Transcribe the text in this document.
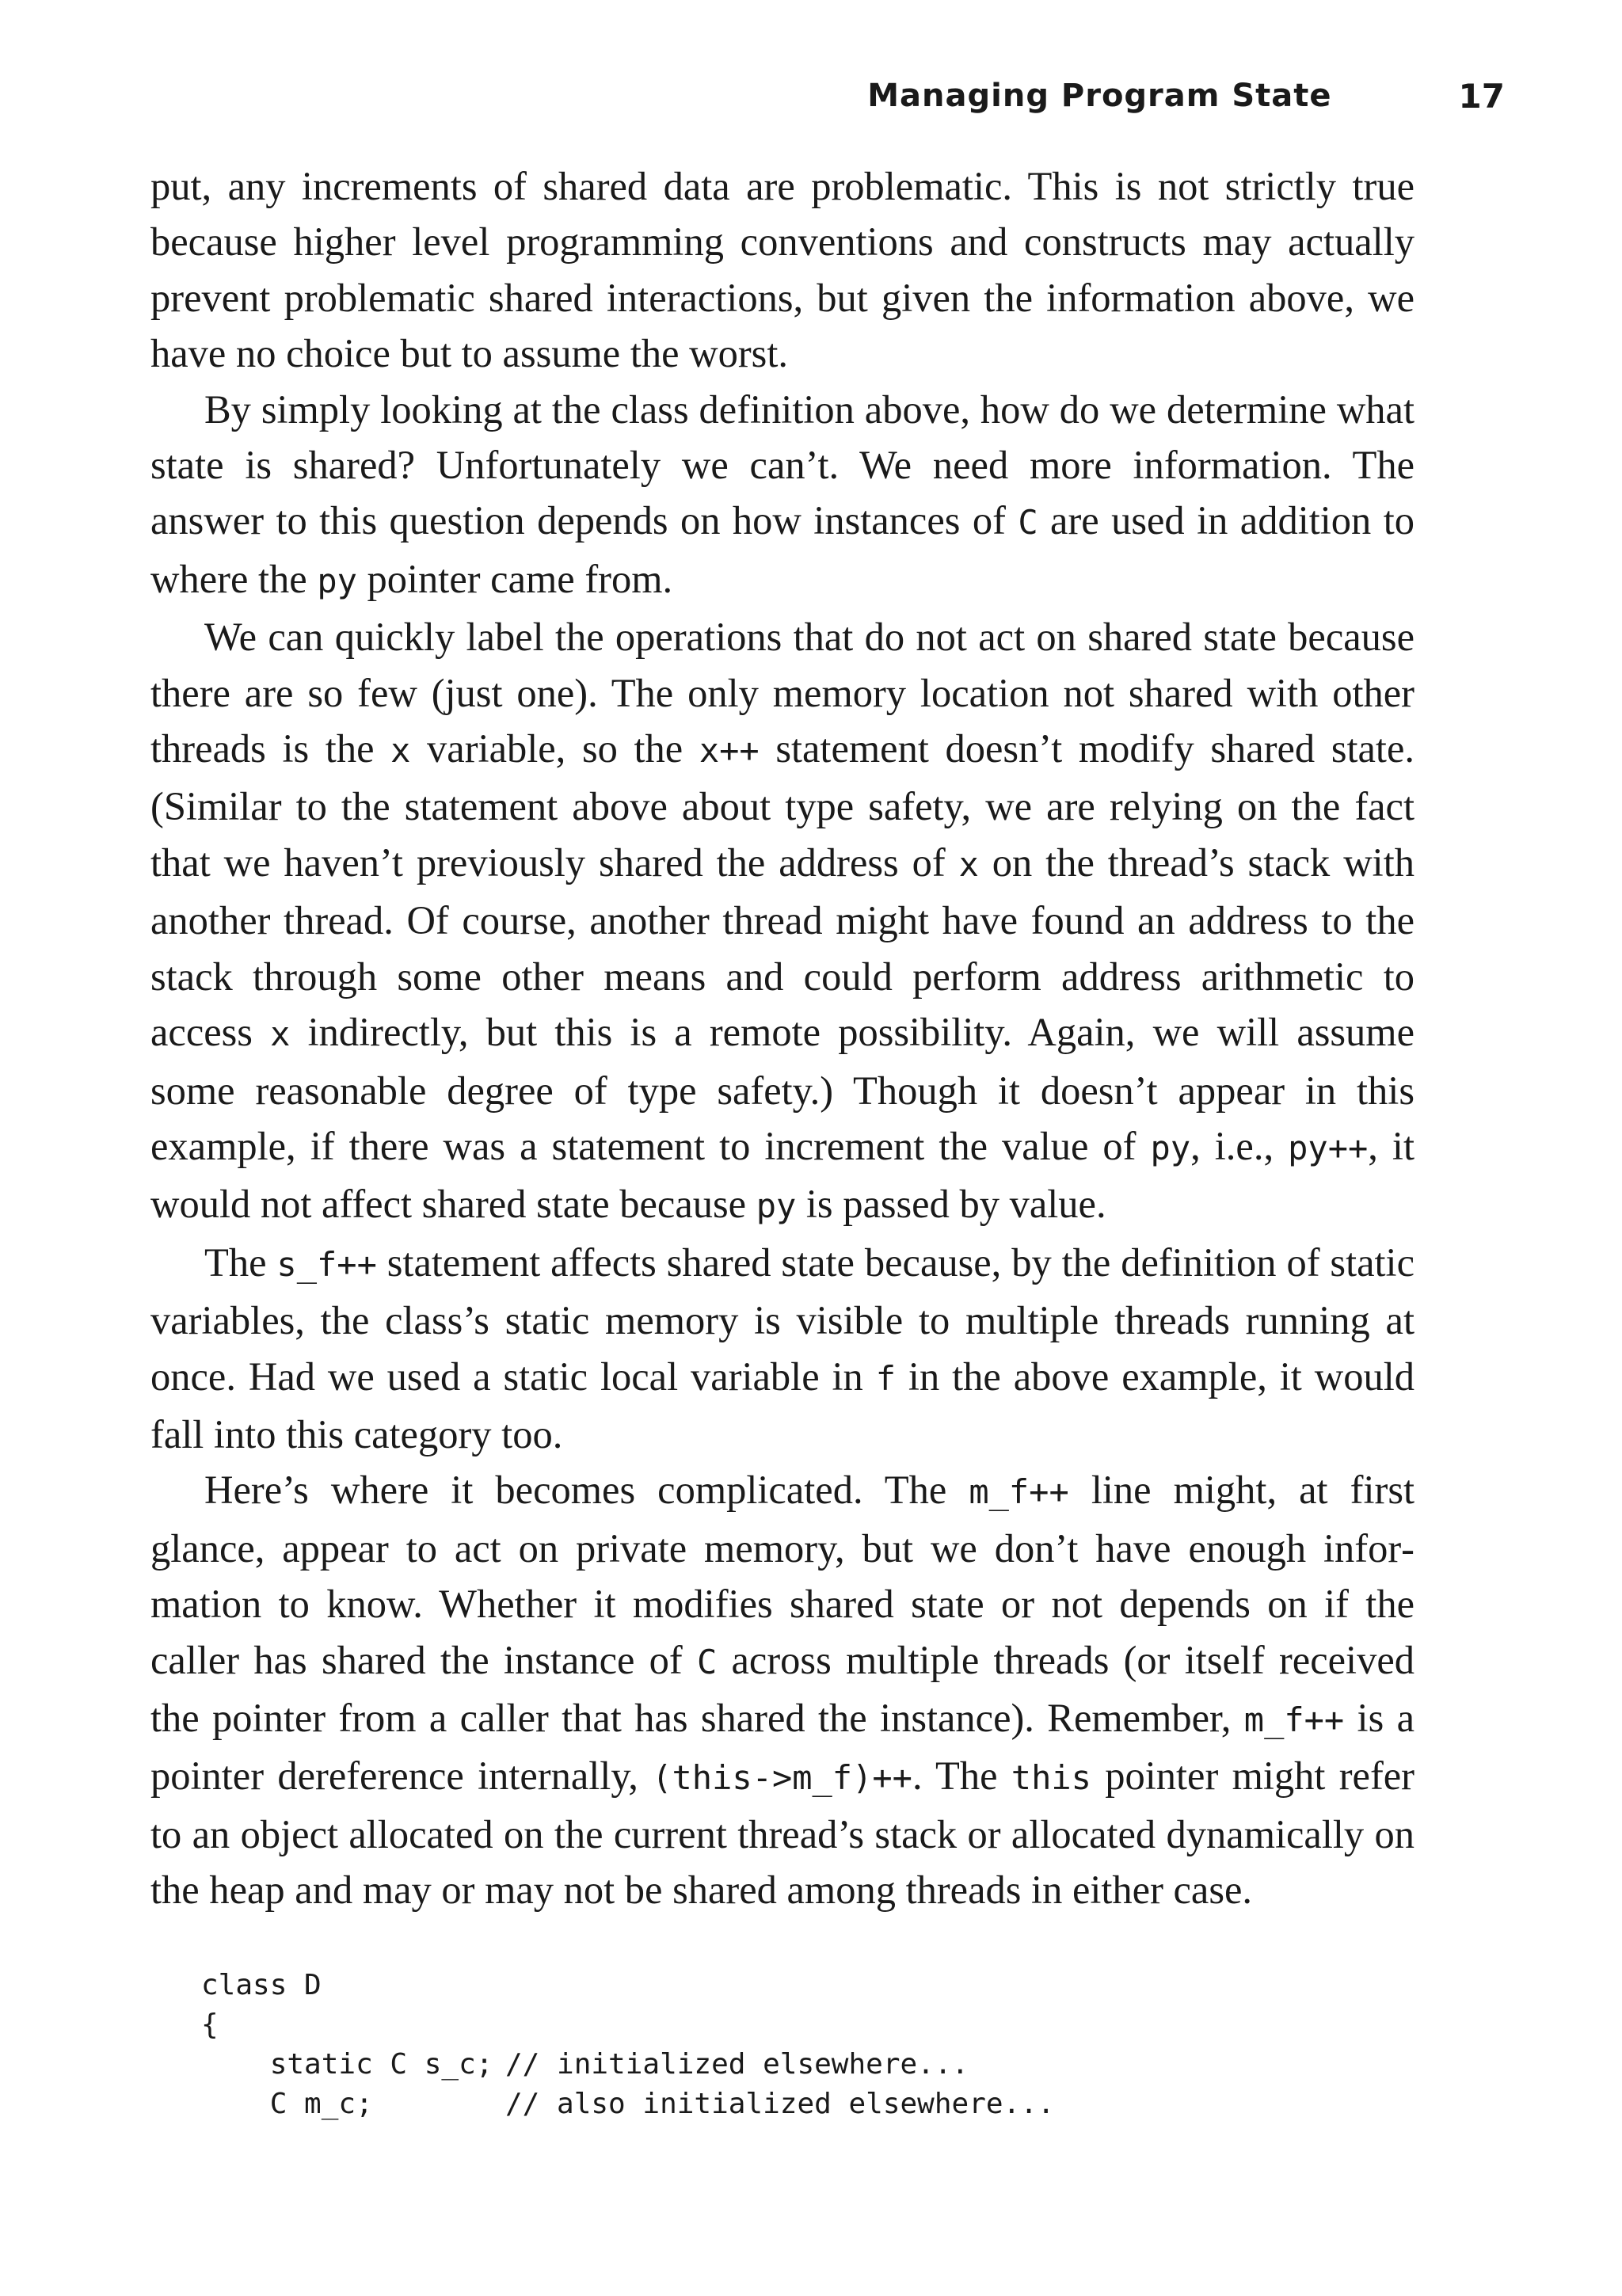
Managing Program State	17

put, any increments of shared data are problematic. This is not strictly true because higher level programming conventions and constructs may actually prevent problematic shared interactions, but given the information above, we have no choice but to assume the worst.

By simply looking at the class definition above, how do we determine what state is shared? Unfortunately we can’t. We need more information. The answer to this question depends on how instances of C are used in addition to where the py pointer came from.

We can quickly label the operations that do not act on shared state because there are so few (just one). The only memory location not shared with other threads is the x variable, so the x++ statement doesn’t modify shared state. (Similar to the statement above about type safety, we are relying on the fact that we haven’t previously shared the address of x on the thread’s stack with another thread. Of course, another thread might have found an address to the stack through some other means and could perform address arithmetic to access x indirectly, but this is a remote possibility. Again, we will assume some reasonable degree of type safety.) Though it doesn’t appear in this example, if there was a statement to increment the value of py, i.e., py++, it would not affect shared state because py is passed by value.

The s_f++ statement affects shared state because, by the definition of static variables, the class’s static memory is visible to multiple threads running at once. Had we used a static local variable in f in the above example, it would fall into this category too.

Here’s where it becomes complicated. The m_f++ line might, at first glance, appear to act on private memory, but we don’t have enough information to know. Whether it modifies shared state or not depends on if the caller has shared the instance of C across multiple threads (or itself received the pointer from a caller that has shared the instance). Remember, m_f++ is a pointer dereference internally, (this->m_f)++. The this pointer might refer to an object allocated on the current thread’s stack or allocated dynamically on the heap and may or may not be shared among threads in either case.

class D
{
static C s_c; // initialized elsewhere...
C m_c;	// also initialized elsewhere...
